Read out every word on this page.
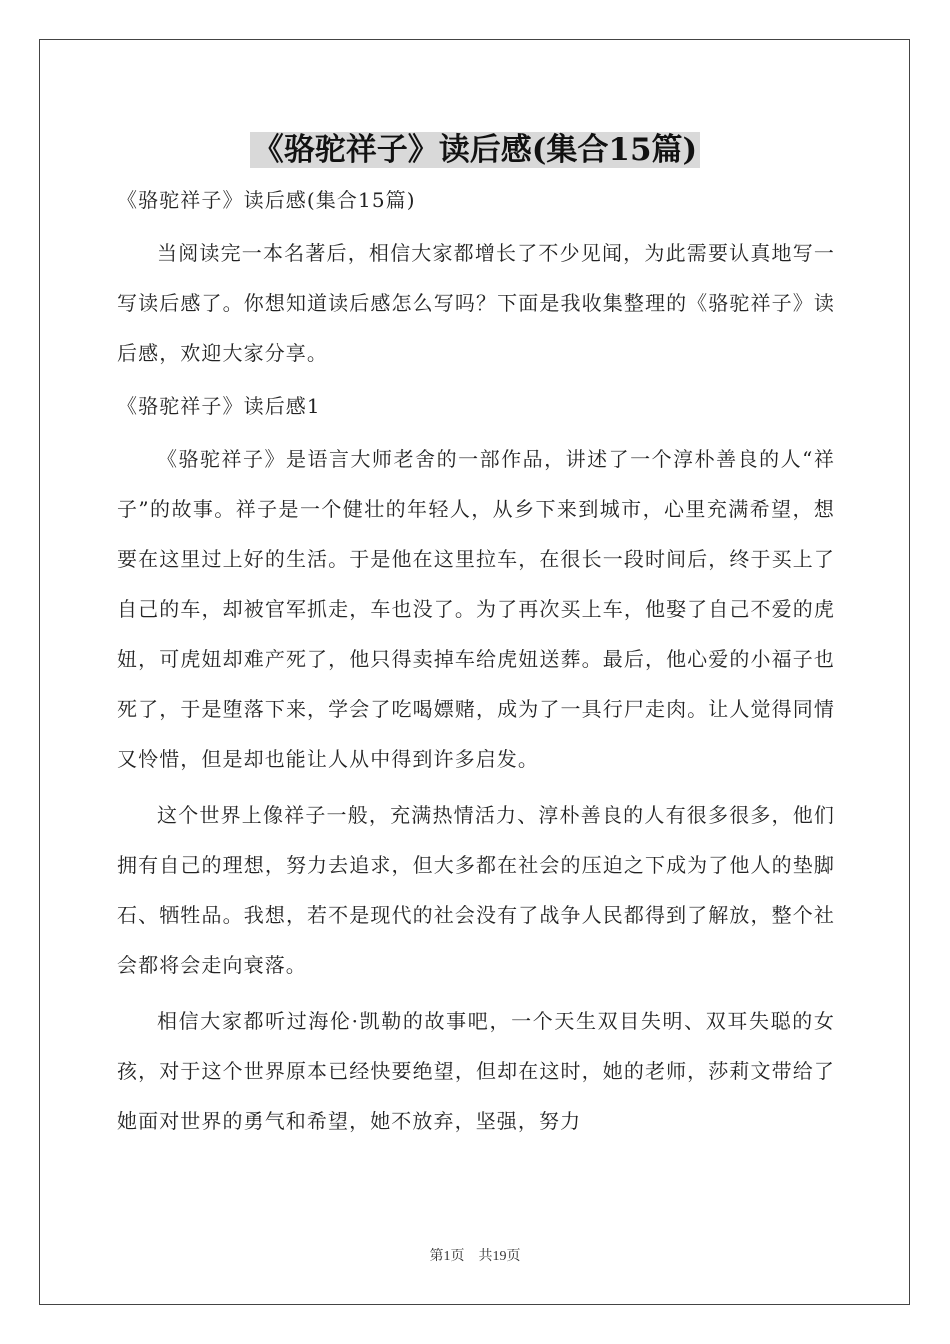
《骆驼祥子》读后感(集合15篇)

《骆驼祥子》读后感(集合15篇)

当阅读完一本名著后，相信大家都增长了不少见闻，为此需要认真地写一写读后感了。你想知道读后感怎么写吗？下面是我收集整理的《骆驼祥子》读后感，欢迎大家分享。

《骆驼祥子》读后感1

《骆驼祥子》是语言大师老舍的一部作品，讲述了一个淳朴善良的人“祥子”的故事。祥子是一个健壮的年轻人，从乡下来到城市，心里充满希望，想要在这里过上好的生活。于是他在这里拉车，在很长一段时间后，终于买上了自己的车，却被官军抓走，车也没了。为了再次买上车，他娶了自己不爱的虎妞，可虎妞却难产死了，他只得卖掉车给虎妞送葬。最后，他心爱的小福子也死了，于是堕落下来，学会了吃喝嫖赌，成为了一具行尸走肉。让人觉得同情又怜惜，但是却也能让人从中得到许多启发。

这个世界上像祥子一般，充满热情活力、淳朴善良的人有很多很多，他们拥有自己的理想，努力去追求，但大多都在社会的压迫之下成为了他人的垫脚石、牺牲品。我想，若不是现代的社会没有了战争人民都得到了解放，整个社会都将会走向衰落。

相信大家都听过海伦·凯勒的故事吧，一个天生双目失明、双耳失聪的女孩，对于这个世界原本已经快要绝望，但却在这时，她的老师，莎莉文带给了她面对世界的勇气和希望，她不放弃，坚强，努力

第1页　共19页
